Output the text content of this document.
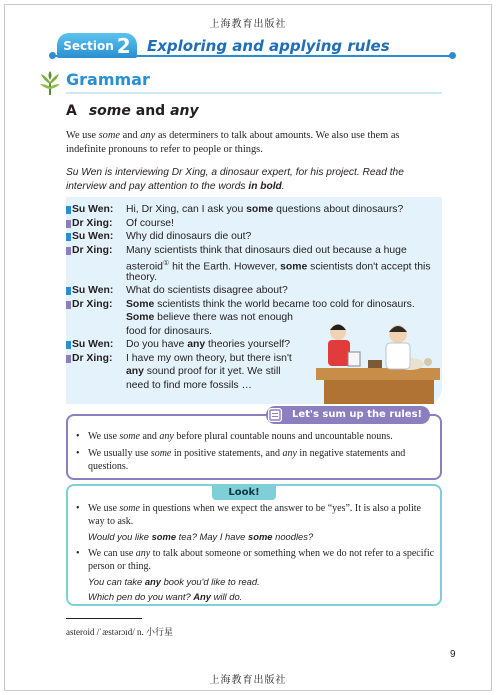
上海教育出版社
Section 2 Exploring and applying rules
Grammar
A some and any
We use some and any as determiners to talk about amounts. We also use them as indefinite pronouns to refer to people or things.
Su Wen is interviewing Dr Xing, a dinosaur expert, for his project. Read the interview and pay attention to the words in bold.
Su Wen:	Hi, Dr Xing, can I ask you some questions about dinosaurs?
Dr Xing:	Of course!
Su Wen:	Why did dinosaurs die out?
Dr Xing:	Many scientists think that dinosaurs died out because a huge
asteroid① hit the Earth. However, some scientists don't accept this
theory.
Su Wen:	What do scientists disagree about?
Dr Xing:	Some scientists think the world became too cold for dinosaurs.
Some believe there was not enough
food for dinosaurs.
Su Wen:	Do you have any theories yourself?
Dr Xing:	I have my own theory, but there isn't
any sound proof for it yet. We still
need to find more fossils …
Let's sum up the rules!
• We use some and any before plural countable nouns and uncountable nouns.
• We usually use some in positive statements, and any in negative statements and questions.
Look!
• We use some in questions when we expect the answer to be “yes”. It is also a polite way to ask.
Would you like some tea? May I have some noodles?
• We can use any to talk about someone or something when we do not refer to a specific person or thing.
You can take any book you'd like to read.
Which pen do you want? Any will do.
asteroid /ˈæstərɔɪd/ n. 小行星
9
上海教育出版社
